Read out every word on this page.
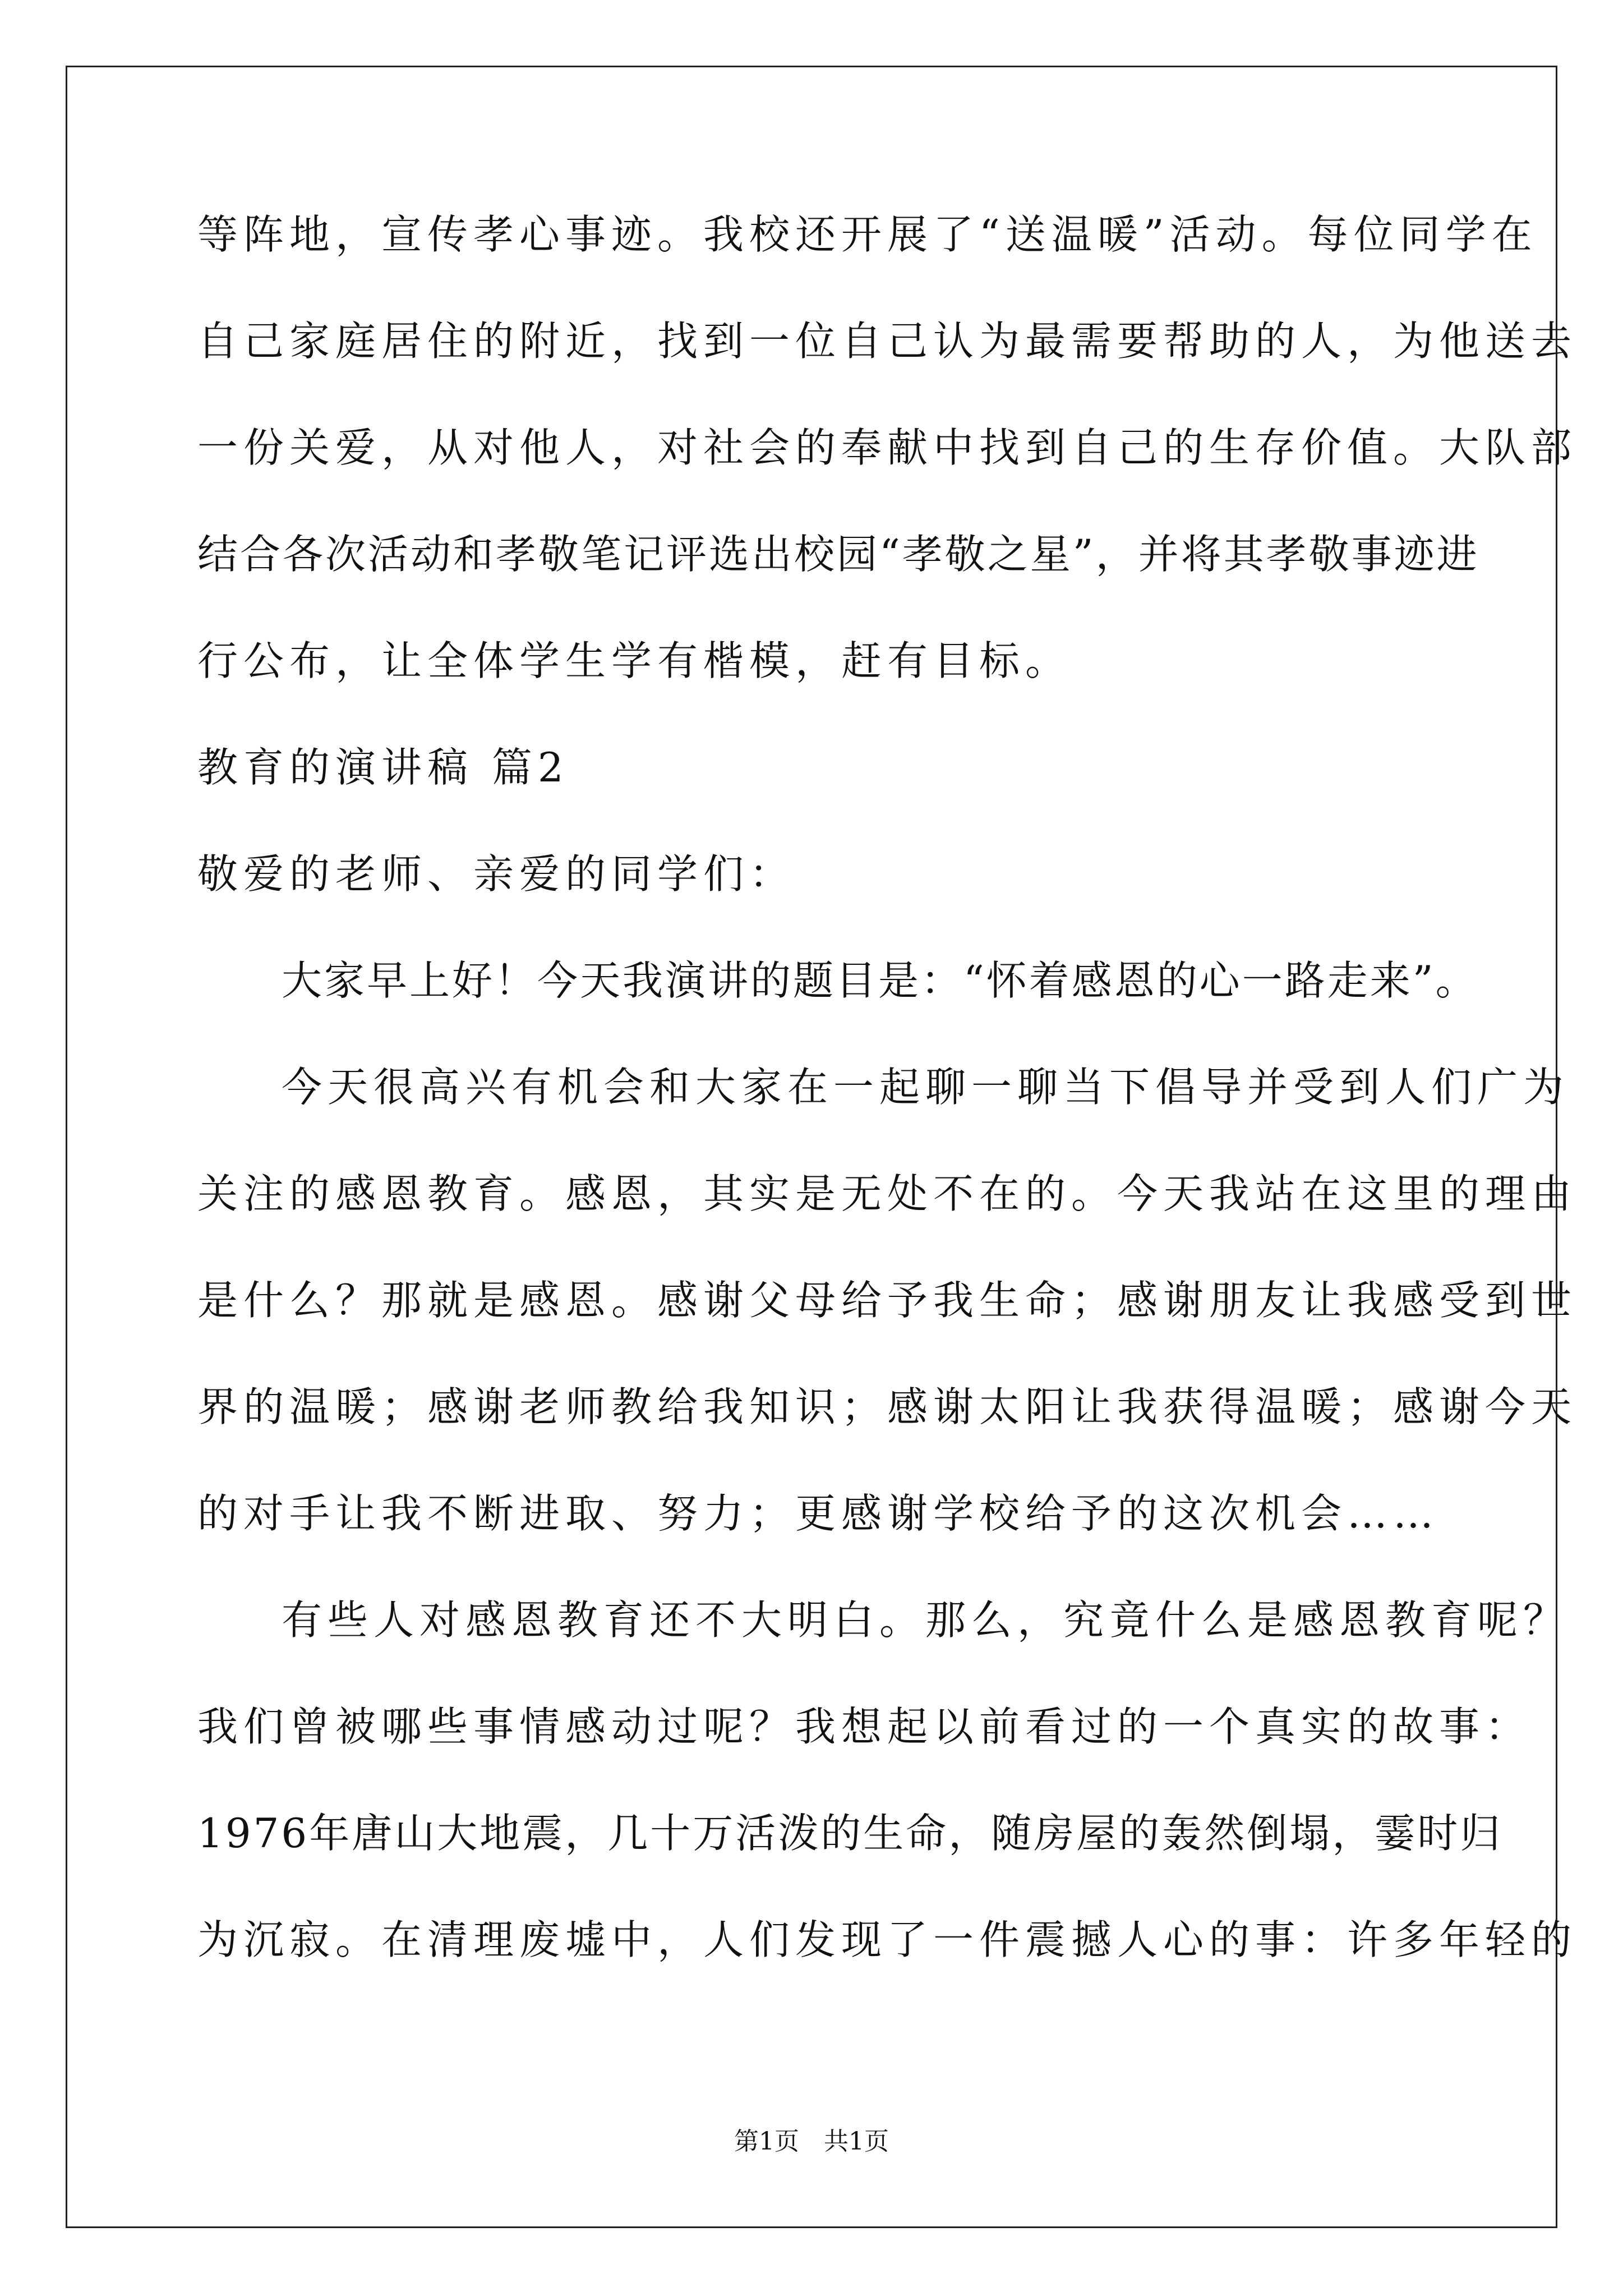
等阵地，宣传孝心事迹。我校还开展了“送温暖”活动。每位同学在
自己家庭居住的附近，找到一位自己认为最需要帮助的人，为他送去
一份关爱，从对他人，对社会的奉献中找到自己的生存价值。大队部
结合各次活动和孝敬笔记评选出校园“孝敬之星”，并将其孝敬事迹进
行公布，让全体学生学有楷模，赶有目标。
教育的演讲稿 篇2
敬爱的老师、亲爱的同学们：
大家早上好！今天我演讲的题目是：“怀着感恩的心一路走来”。
今天很高兴有机会和大家在一起聊一聊当下倡导并受到人们广为
关注的感恩教育。感恩，其实是无处不在的。今天我站在这里的理由
是什么？那就是感恩。感谢父母给予我生命；感谢朋友让我感受到世
界的温暖；感谢老师教给我知识；感谢太阳让我获得温暖；感谢今天
的对手让我不断进取、努力；更感谢学校给予的这次机会……
有些人对感恩教育还不大明白。那么，究竟什么是感恩教育呢？
我们曾被哪些事情感动过呢？我想起以前看过的一个真实的故事：
1976年唐山大地震，几十万活泼的生命，随房屋的轰然倒塌，霎时归
为沉寂。在清理废墟中，人们发现了一件震撼人心的事：许多年轻的
第1页　共1页
